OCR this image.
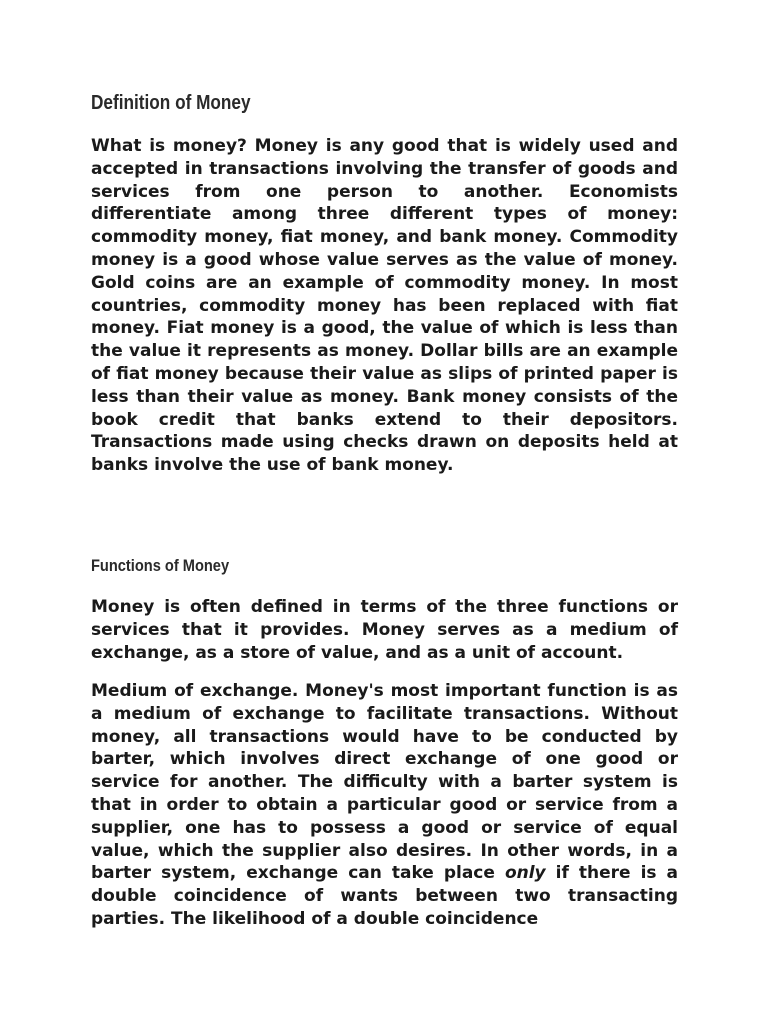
Definition of Money

What is money? Money is any good that is widely used and accepted in transactions involving the transfer of goods and services from one person to another. Economists differentiate among three different types of money: commodity money, fiat money, and bank money. Commodity money is a good whose value serves as the value of money. Gold coins are an example of commodity money. In most countries, commodity money has been replaced with fiat money. Fiat money is a good, the value of which is less than the value it represents as money. Dollar bills are an example of fiat money because their value as slips of printed paper is less than their value as money. Bank money consists of the book credit that banks extend to their depositors. Transactions made using checks drawn on deposits held at banks involve the use of bank money.

Functions of Money

Money is often defined in terms of the three functions or services that it provides. Money serves as a medium of exchange, as a store of value, and as a unit of account.

Medium of exchange. Money's most important function is as a medium of exchange to facilitate transactions. Without money, all transactions would have to be conducted by barter, which involves direct exchange of one good or service for another. The difficulty with a barter system is that in order to obtain a particular good or service from a supplier, one has to possess a good or service of equal value, which the supplier also desires. In other words, in a barter system, exchange can take place only if there is a double coincidence of wants between two transacting parties. The likelihood of a double coincidence
